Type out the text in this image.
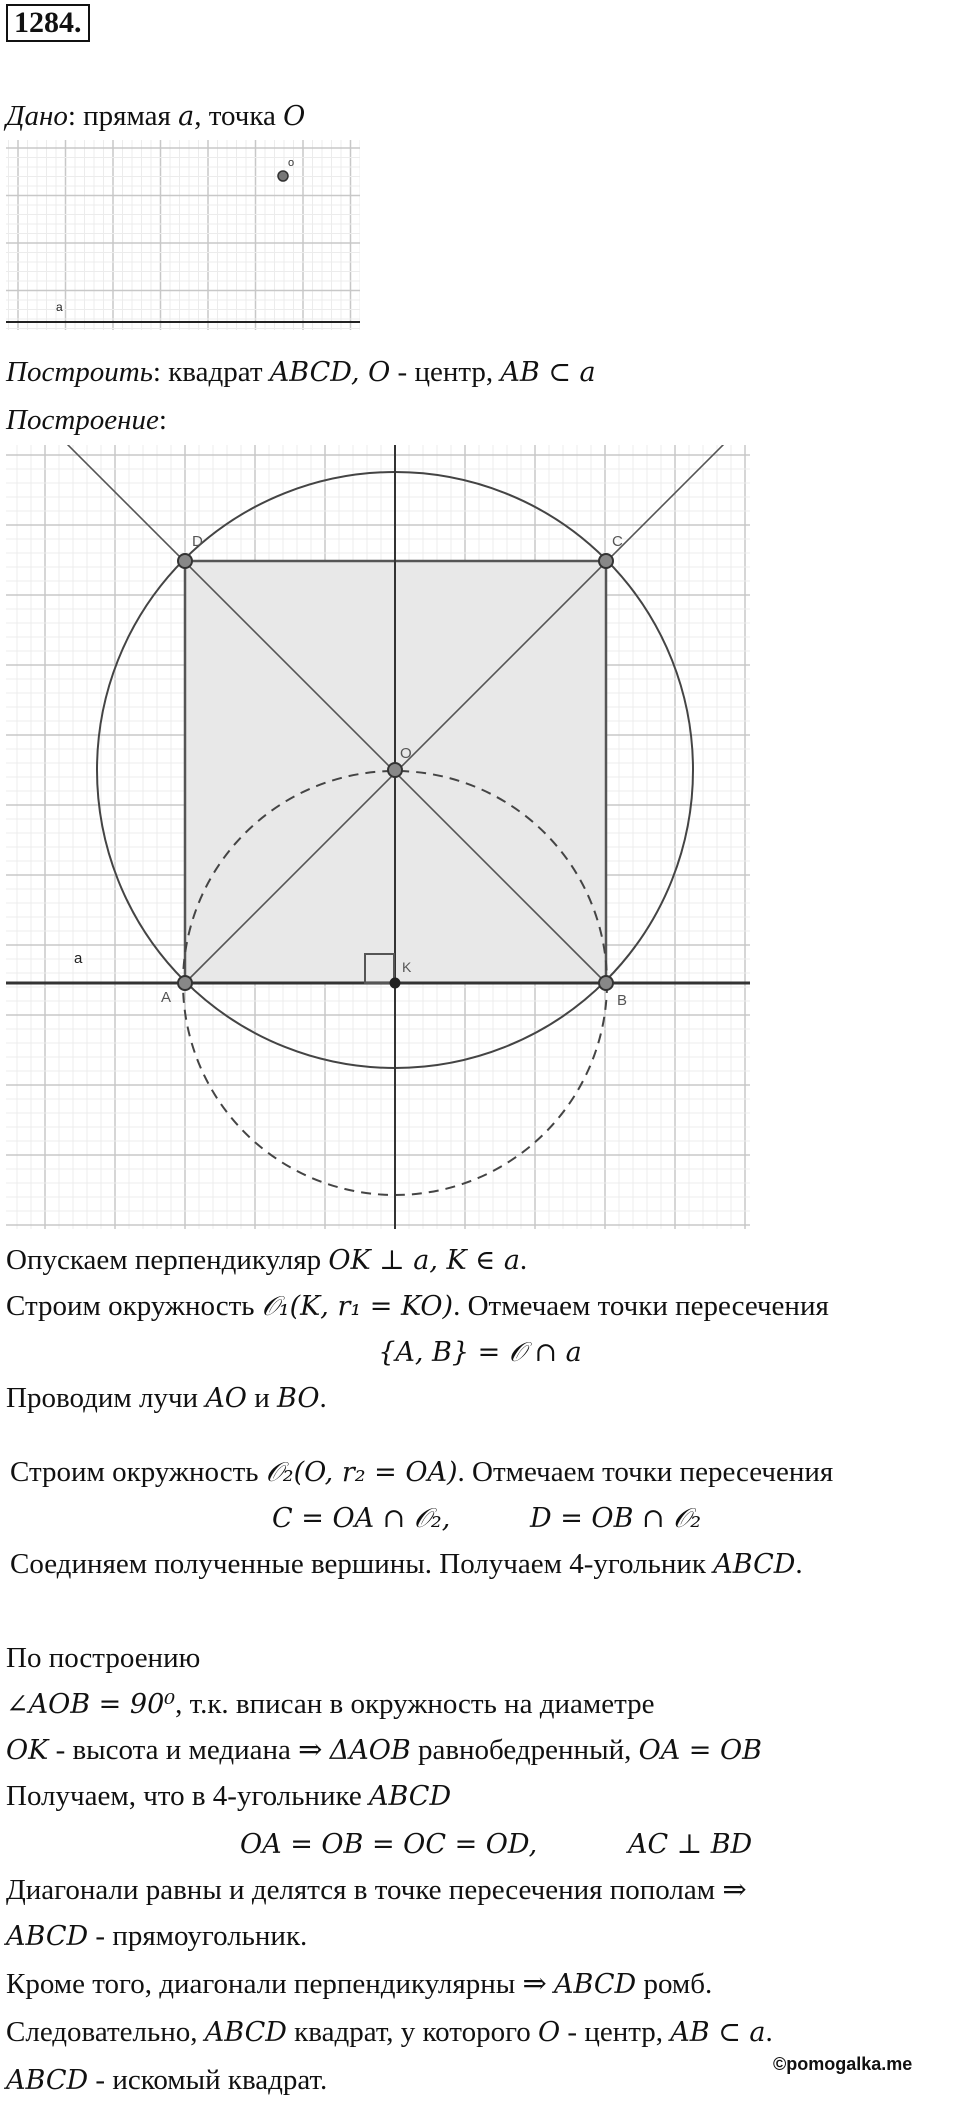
1284.
Дано: прямая a, точка O
o
a
Построить: квадрат ABCD, O - центр, AB ⊂ a
Построение:
a
A	B
C
D
O
K
Опускаем перпендикуляр OK ⊥ a, K ∈ a.
Строим окружность 𝒪₁(K, r₁ = KO). Отмечаем точки пересечения
{A, B} = 𝒪 ∩ a
Проводим лучи AO и BO.
Строим окружность 𝒪₂(O, r₂ = OA). Отмечаем точки пересечения
C = OA ∩ 𝒪₂,	D = OB ∩ 𝒪₂
Соединяем полученные вершины. Получаем 4-угольник ABCD.
По построению
∠AOB = 90⁰, т.к. вписан в окружность на диаметре
OK - высота и медиана ⇒ ΔAOB равнобедренный, OA = OB
Получаем, что в 4-угольнике ABCD
OA = OB = OC = OD,	AC ⊥ BD
Диагонали равны и делятся в точке пересечения пополам ⇒
ABCD - прямоугольник.
Кроме того, диагонали перпендикулярны ⇒ ABCD ромб.
Следовательно, ABCD квадрат, у которого O - центр, AB ⊂ a.
ABCD - искомый квадрат.	©pomogalka.me
